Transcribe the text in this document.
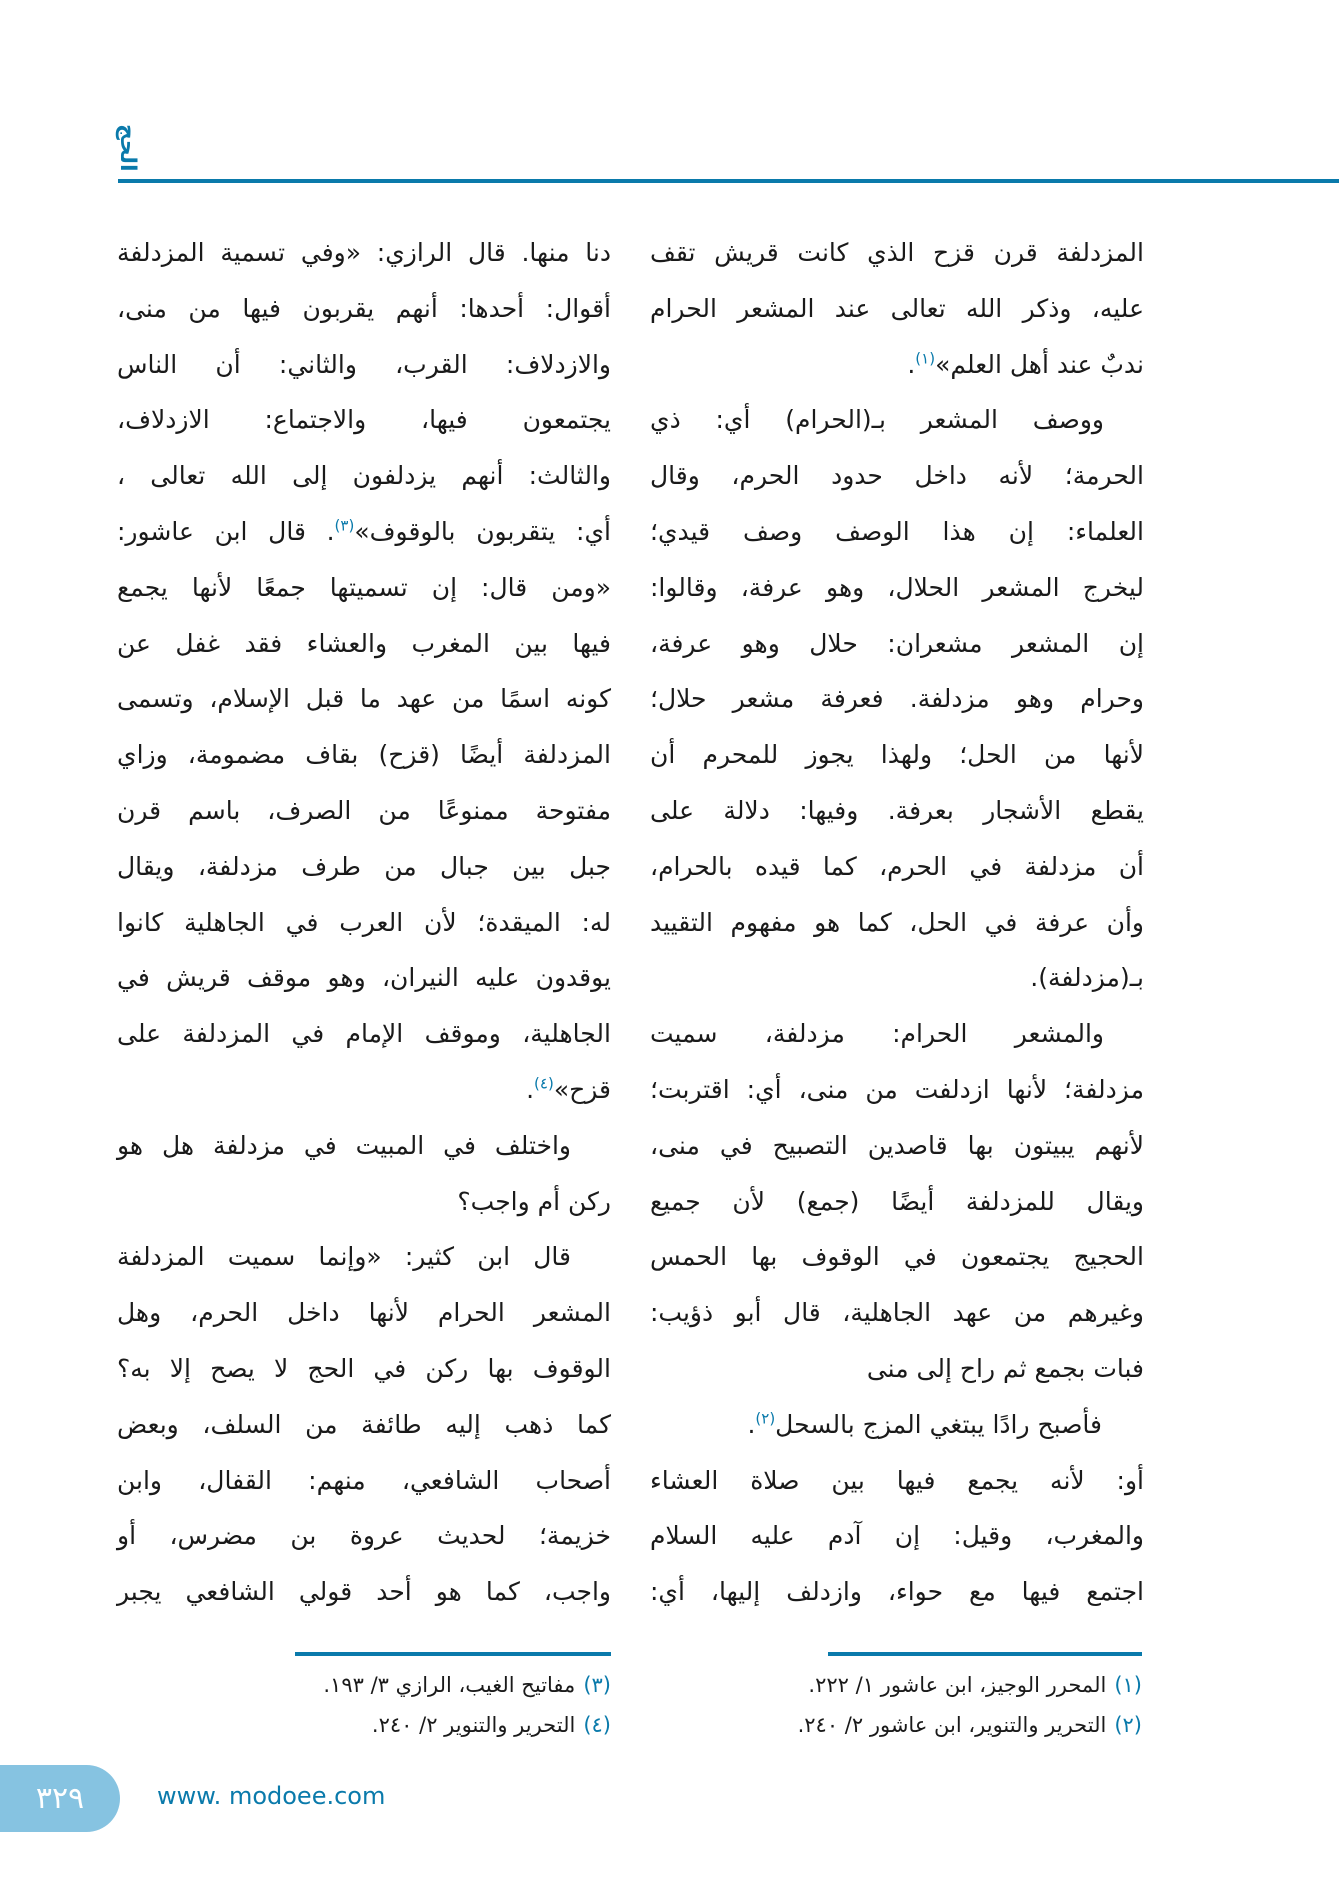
الحج
المزدلفة قرن قزح الذي كانت قريش تقف
عليه، وذكر الله تعالى عند المشعر الحرام
ندبٌ عند أهل العلم»$^{(١)}$.
ووصف المشعر بـ(الحرام) أي: ذي
الحرمة؛ لأنه داخل حدود الحرم، وقال
العلماء: إن هذا الوصف وصف قيدي؛
ليخرج المشعر الحلال، وهو عرفة، وقالوا:
إن المشعر مشعران: حلال وهو عرفة،
وحرام وهو مزدلفة. فعرفة مشعر حلال؛
لأنها من الحل؛ ولهذا يجوز للمحرم أن
يقطع الأشجار بعرفة. وفيها: دلالة على
أن مزدلفة في الحرم، كما قيده بالحرام،
وأن عرفة في الحل، كما هو مفهوم التقييد
بـ(مزدلفة).
والمشعر الحرام: مزدلفة، سميت
مزدلفة؛ لأنها ازدلفت من منى، أي: اقتربت؛
لأنهم يبيتون بها قاصدين التصبيح في منى،
ويقال للمزدلفة أيضًا (جمع) لأن جميع
الحجيج يجتمعون في الوقوف بها الحمس
وغيرهم من عهد الجاهلية، قال أبو ذؤيب:
فبات بجمع ثم راح إلى منى
فأصبح رادًا يبتغي المزج بالسحل$^{(٢)}$.
أو: لأنه يجمع فيها بين صلاة العشاء
والمغرب، وقيل: إن آدم عليه السلام
اجتمع فيها مع حواء، وازدلف إليها، أي:
دنا منها. قال الرازي: «وفي تسمية المزدلفة
أقوال: أحدها: أنهم يقربون فيها من منى،
والازدلاف: القرب، والثاني: أن الناس
يجتمعون فيها، والاجتماع: الازدلاف،
والثالث: أنهم يزدلفون إلى الله تعالى ،
أي: يتقربون بالوقوف»$^{(٣)}$. قال ابن عاشور:
«ومن قال: إن تسميتها جمعًا لأنها يجمع
فيها بين المغرب والعشاء فقد غفل عن
كونه اسمًا من عهد ما قبل الإسلام، وتسمى
المزدلفة أيضًا (قزح) بقاف مضمومة، وزاي
مفتوحة ممنوعًا من الصرف، باسم قرن
جبل بين جبال من طرف مزدلفة، ويقال
له: الميقدة؛ لأن العرب في الجاهلية كانوا
يوقدون عليه النيران، وهو موقف قريش في
الجاهلية، وموقف الإمام في المزدلفة على
قزح»$^{(٤)}$.
واختلف في المبيت في مزدلفة هل هو
ركن أم واجب؟
قال ابن كثير: «وإنما سميت المزدلفة
المشعر الحرام لأنها داخل الحرم، وهل
الوقوف بها ركن في الحج لا يصح إلا به؟
كما ذهب إليه طائفة من السلف، وبعض
أصحاب الشافعي، منهم: القفال، وابن
خزيمة؛ لحديث عروة بن مضرس، أو
واجب، كما هو أحد قولي الشافعي يجبر
(١)المحرر الوجيز، ابن عاشور ١/ ٢٢٢.
(٢)التحرير والتنوير، ابن عاشور ٢/ ٢٤٠.
(٣)مفاتيح الغيب، الرازي ٣/ ١٩٣.
(٤)التحرير والتنوير ٢/ ٢٤٠.
٣٢٩	www. modoee.com
